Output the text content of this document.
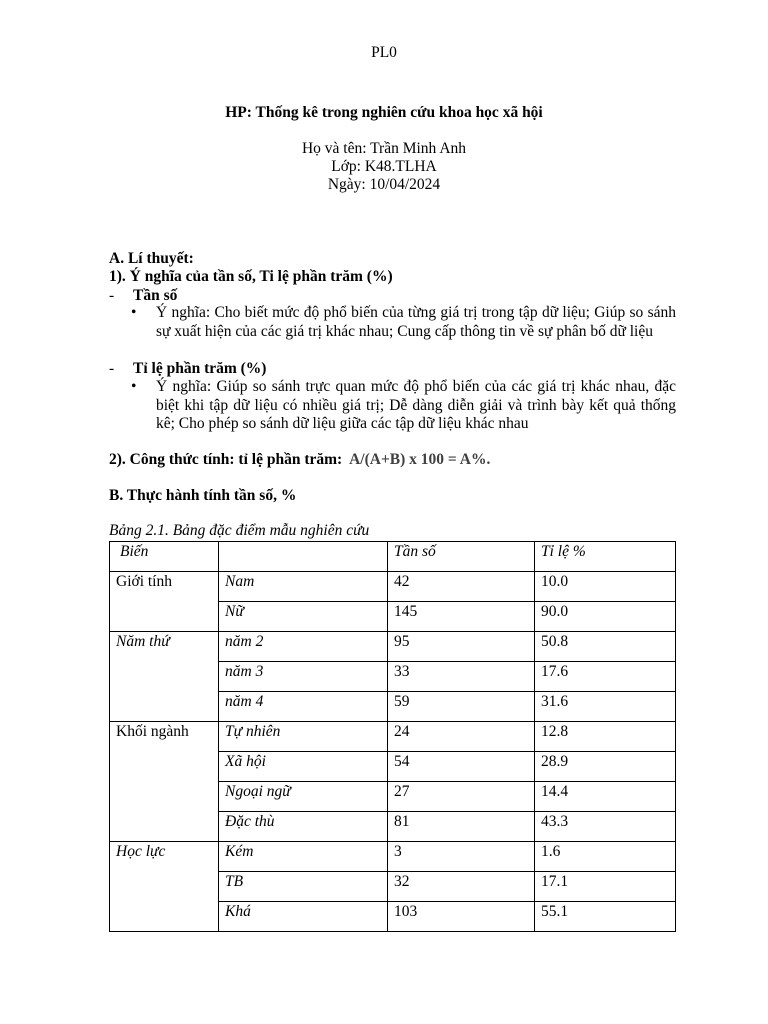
PL0
HP: Thống kê trong nghiên cứu khoa học xã hội
Họ và tên: Trần Minh Anh
Lớp: K48.TLHA
Ngày: 10/04/2024
A. Lí thuyết:
1). Ý nghĩa của tần số, Ti lệ phần trăm (%)
- Tần số
• Ý nghĩa: Cho biết mức độ phổ biến của từng giá trị trong tập dữ liệu; Giúp so sánh sự xuất hiện của các giá trị khác nhau; Cung cấp thông tin về sự phân bố dữ liệu
- Tỉ lệ phần trăm (%)
• Ý nghĩa: Giúp so sánh trực quan mức độ phổ biến của các giá trị khác nhau, đặc biệt khi tập dữ liệu có nhiều giá trị; Dễ dàng diễn giải và trình bày kết quả thống kê; Cho phép so sánh dữ liệu giữa các tập dữ liệu khác nhau
2). Công thức tính: tỉ lệ phần trăm: A/(A+B) x 100 = A%.
B. Thực hành tính tần số, %
Bảng 2.1. Bảng đặc điểm mẫu nghiên cứu
Biến		Tần số	Tỉ lệ %
Giới tính	Nam	42	10.0
	Nữ	145	90.0
Năm thứ	năm 2	95	50.8
	năm 3	33	17.6
	năm 4	59	31.6
Khối ngành	Tự nhiên	24	12.8
	Xã hội	54	28.9
	Ngoại ngữ	27	14.4
	Đặc thù	81	43.3
Học lực	Kém	3	1.6
	TB	32	17.1
	Khá	103	55.1
